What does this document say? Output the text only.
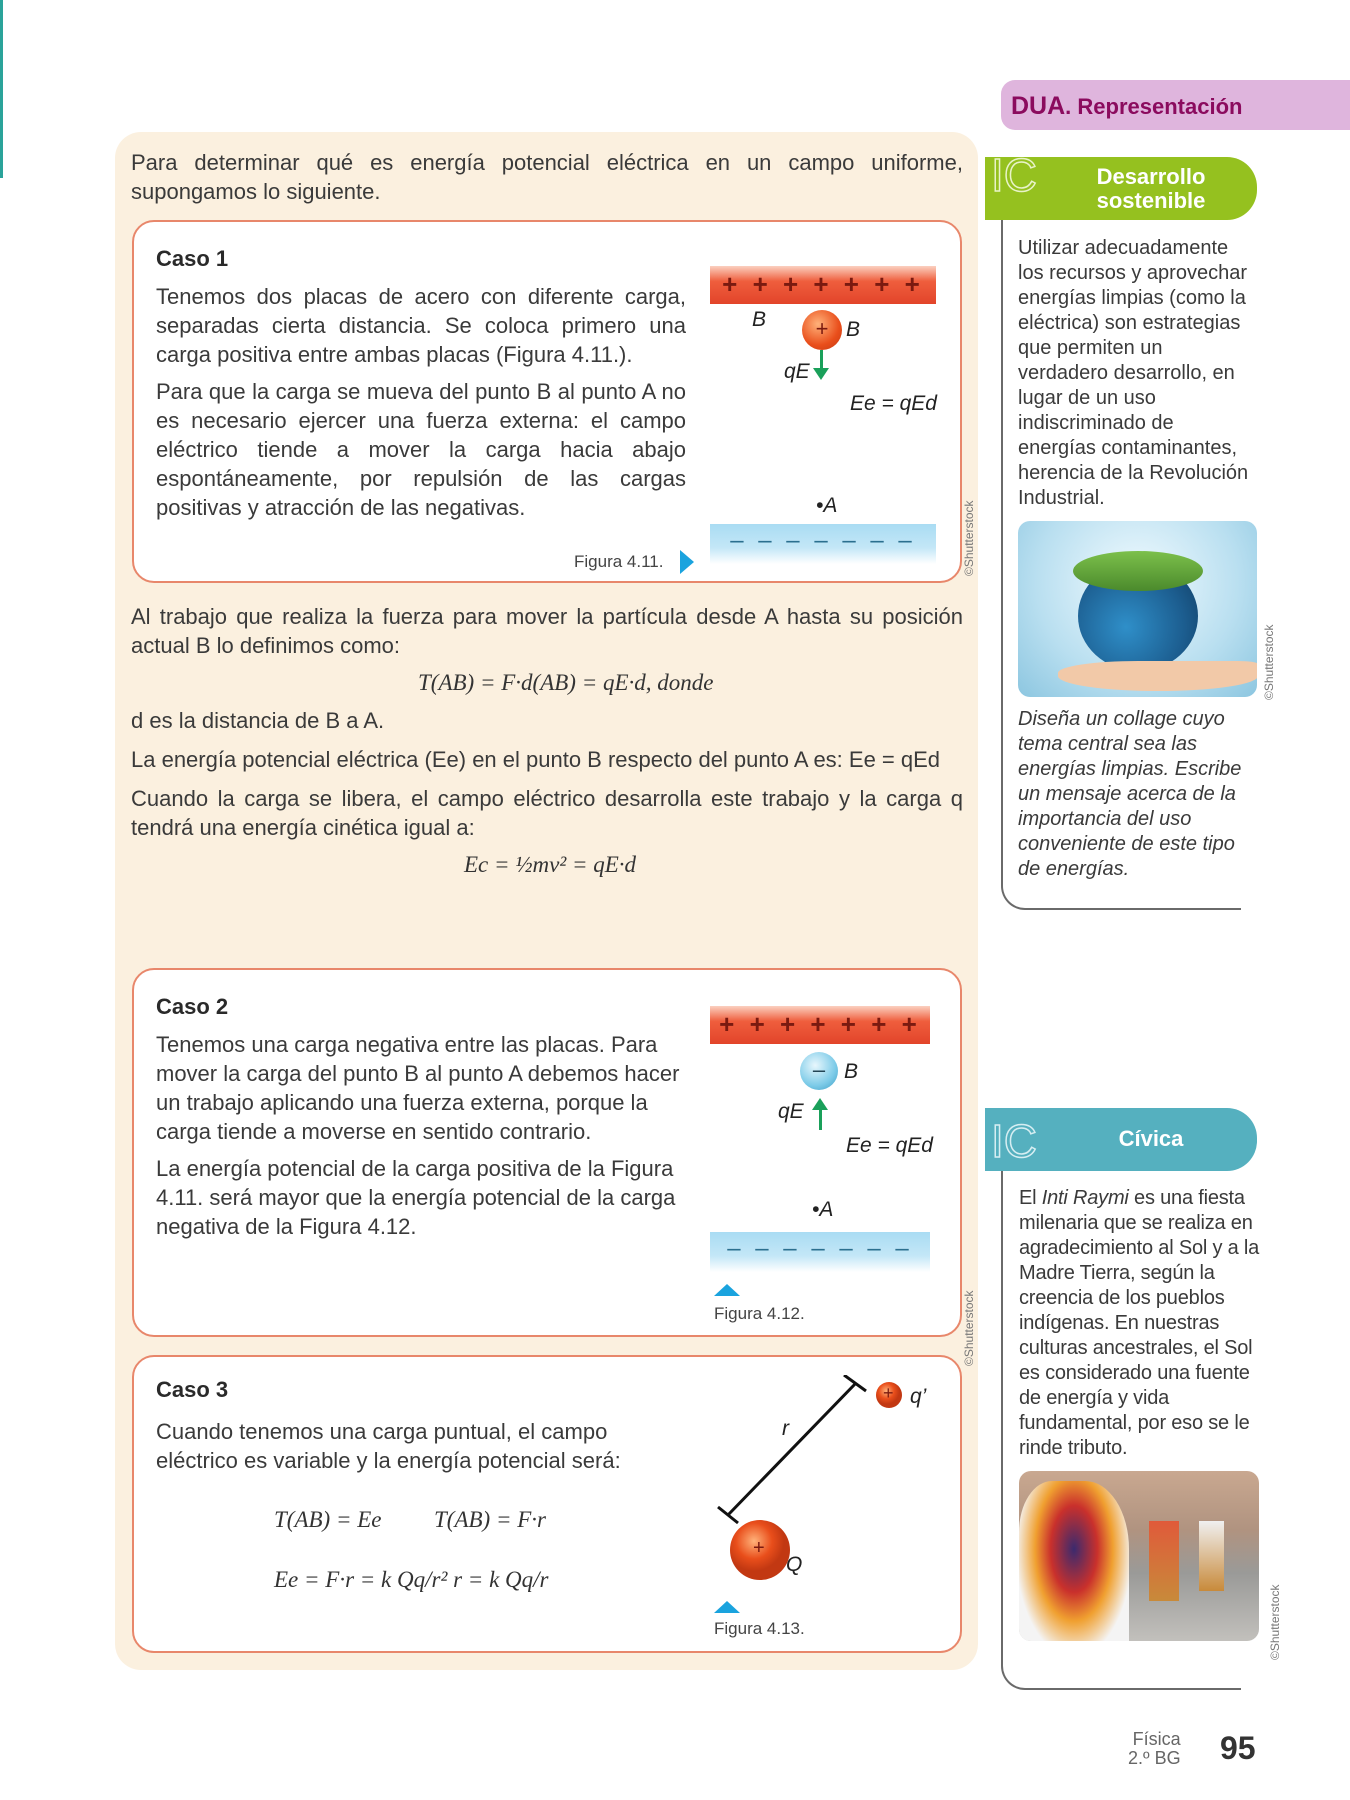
Para determinar qué es energía potencial eléctrica en un campo uniforme, supongamos lo siguiente.

Caso 1

Tenemos dos placas de acero con diferente carga, separadas cierta distancia. Se coloca primero una carga positiva entre ambas placas (Figura 4.11.).

Para que la carga se mueva del punto B al punto A no es necesario ejercer una fuerza externa: el campo eléctrico tiende a mover la carga hacia abajo espontáneamente, por repulsión de las cargas positivas y atracción de las negativas.

+ + + + + + +
B	+ B
qE
Ee = qEd
•A
– – – – – – –
Figura 4.11.	©Shutterstock

Al trabajo que realiza la fuerza para mover la partícula desde A hasta su posición actual B lo definimos como:

T(AB) = F·d(AB) = qE·d, donde

d es la distancia de B a A.

La energía potencial eléctrica (Ee) en el punto B respecto del punto A es: Ee = qEd

Cuando la carga se libera, el campo eléctrico desarrolla este trabajo y la carga q tendrá una energía cinética igual a:

Ec = ½mv² = qE·d
Caso 2

Tenemos una carga negativa entre las placas. Para mover la carga del punto B al punto A debemos hacer un trabajo aplicando una fuerza externa, porque la carga tiende a moverse en sentido contrario.

La energía potencial de la carga positiva de la Figura 4.11. será mayor que la energía potencial de la carga negativa de la Figura 4.12.

+ + + + + + +
– B
qE
Ee = qEd
•A
– – – – – – –
Figura 4.12.	©Shutterstock
Caso 3

Cuando tenemos una carga puntual, el campo eléctrico es variable y la energía potencial será:

T(AB) = Ee T(AB) = F·r
Ee = F·r = k Qq/r² r = k Qq/r
+
+
q’
r
Q
Figura 4.13.
DUA. Representación
IC	Desarrollo sostenible

Utilizar adecuadamente los recursos y aprovechar energías limpias (como la eléctrica) son estrategias que permiten un verdadero desarrollo, en lugar de un uso indiscriminado de energías contaminantes, herencia de la Revolución Industrial.

Diseña un collage cuyo tema central sea las energías limpias. Escribe un mensaje acerca de la importancia del uso conveniente de este tipo de energías.

©Shutterstock
IC	Cívica

El Inti Raymi es una fiesta milenaria que se realiza en agradecimiento al Sol y a la Madre Tierra, según la creencia de los pueblos indígenas. En nuestras culturas ancestrales, el Sol es considerado una fuente de energía y vida fundamental, por eso se le rinde tributo.

©Shutterstock
Física
2.º BG 95
